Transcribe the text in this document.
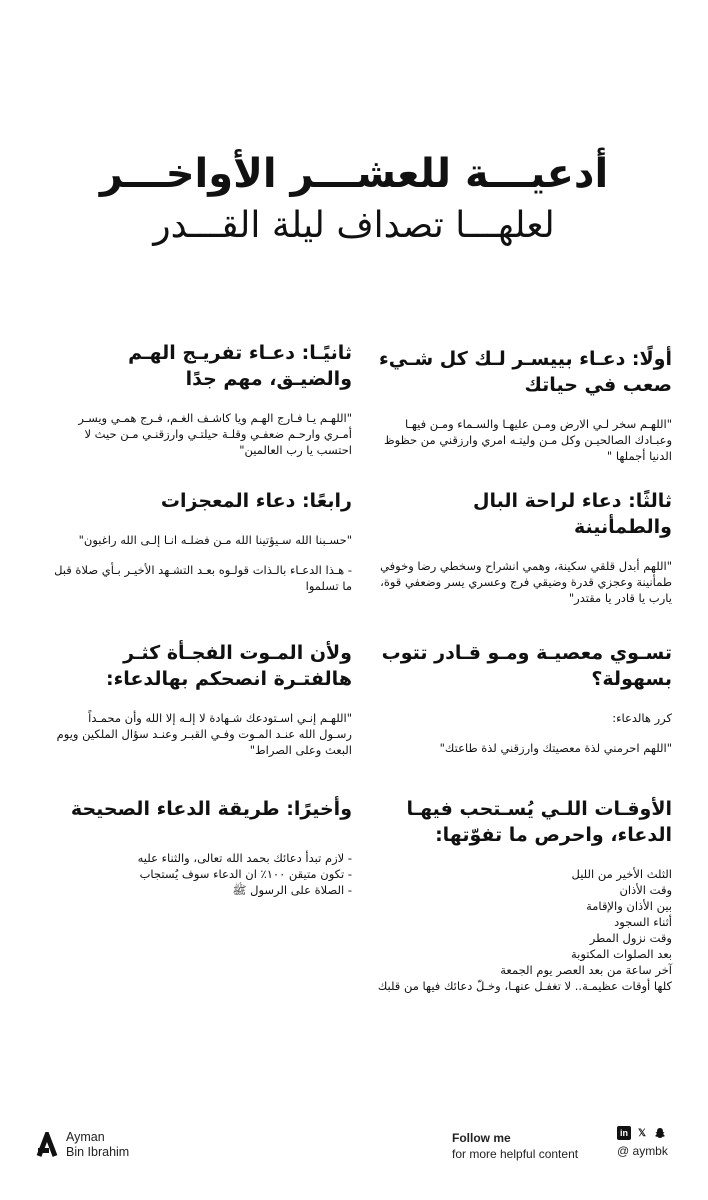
أدعيـــة للعشـــر الأواخـــر
لعلهـــا تصداف ليلة القـــدر
أولًا: دعـاء بييسـر لـك كل شـيء صعب في حياتك
"اللهـم سخر لـي الارض ومـن عليهـا والسـماء ومـن فيهـا وعبـادك الصالحيـن وكل مـن وليتـه امري وارزقني من حظوظ الدنيا أجملها "
ثانيًـا: دعـاء تفريـج الهـم والضيـق، مهم جدًا
"اللهـم يـا فـارج الهـم ويا كاشـف الغـم، فـرج همـي ويسـر أمـري وارحـم ضعفـي وقلـة حيلتـي وارزقنـي مـن حيث لا احتسب يا رب العالمين"
ثالثًا: دعاء لراحة البال والطمأنينة
"اللهم أبدل قلقي سكينة، وهمي انشراح وسخطي رضا وخوفي طمأنينة وعجزي قدرة وضيقي فرج وعسري يسر وضعفي قوة، يارب يا قادر يا مقتدر"
رابعًا: دعاء المعجزات
"حسـبنا الله سـيؤتينا الله مـن فضلـه انـا إلـى الله راغبون"
- هـذا الدعـاء بالـذات قولـوه بعـد التشـهد الأخيـر بـأي صلاة قبل ما تسلموا
تسـوي معصيـة ومـو قـادر تتوب بسهولة؟
كرر هالدعاء:
"اللهم احرمني لذة معصيتك وارزقني لذة طاعتك"
ولأن المـوت الفجـأة كثـر هالفتـرة انصحكم بهالدعاء:
"اللهـم إنـي اسـتودعك شـهادة لا إلـه إلا الله وأن محمـداً رسـول الله عنـد المـوت وفـي القبـر وعنـد سؤال الملكين ويوم البعث وعلى الصراط"
الأوقـات اللـي يُسـتحب فيهـا الدعاء، واحرص ما تفوّتها:
الثلث الأخير من الليل
وقت الأذان
بين الأذان والإقامة
أثناء السجود
وقت نزول المطر
بعد الصلوات المكتوبة
آخر ساعة من بعد العصر يوم الجمعة
كلها أوقات عظيمـة.. لا تغفـل عنهـا، وخـلّ دعائك فيها من قلبك
وأخيرًا: طريقة الدعاء الصحيحة
- لازم تبدأ دعائك بحمد الله تعالى، والثناء عليه
- تكون متيقن ١٠٠٪ ان الدعاء سوف يُستجاب
- الصلاة على الرسول ﷺ
Ayman
Bin Ibrahim
Follow me
for more helpful content
in 𝕏
@ aymbk
